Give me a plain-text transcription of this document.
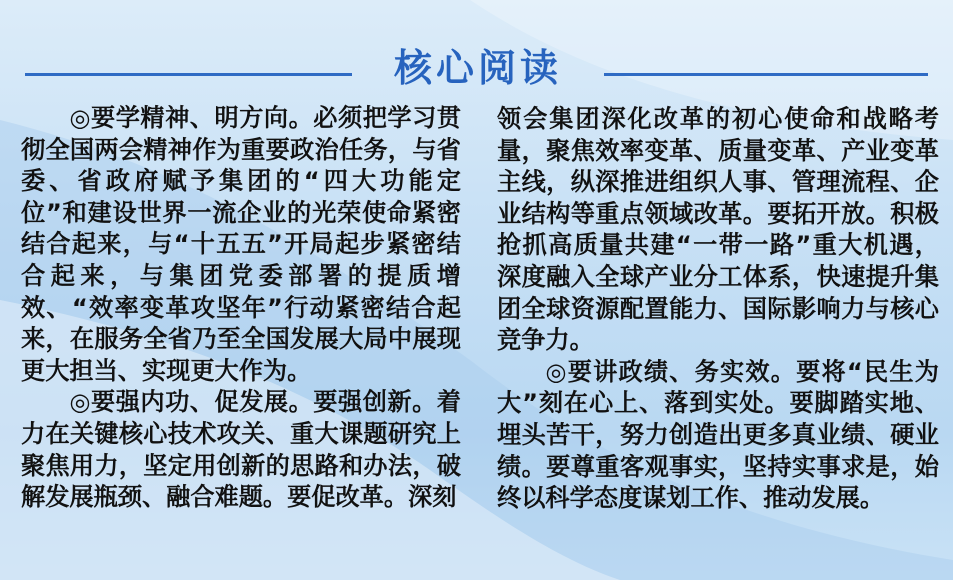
核心阅读

◎要学精神、明方向。必须把学习贯彻全国两会精神作为重要政治任务，与省委、省政府赋予集团的“四大功能定位”和建设世界一流企业的光荣使命紧密结合起来，与“十五五”开局起步紧密结合起来，与集团党委部署的提质增效、“效率变革攻坚年”行动紧密结合起来，在服务全省乃至全国发展大局中展现更大担当、实现更大作为。

◎要强内功、促发展。要强创新。着力在关键核心技术攻关、重大课题研究上聚焦用力，坚定用创新的思路和办法，破解发展瓶颈、融合难题。要促改革。深刻

领会集团深化改革的初心使命和战略考量，聚焦效率变革、质量变革、产业变革主线，纵深推进组织人事、管理流程、企业结构等重点领域改革。要拓开放。积极抢抓高质量共建“一带一路”重大机遇，深度融入全球产业分工体系，快速提升集团全球资源配置能力、国际影响力与核心竞争力。

◎要讲政绩、务实效。要将“民生为大”刻在心上、落到实处。要脚踏实地、埋头苦干，努力创造出更多真业绩、硬业绩。要尊重客观事实，坚持实事求是，始终以科学态度谋划工作、推动发展。
